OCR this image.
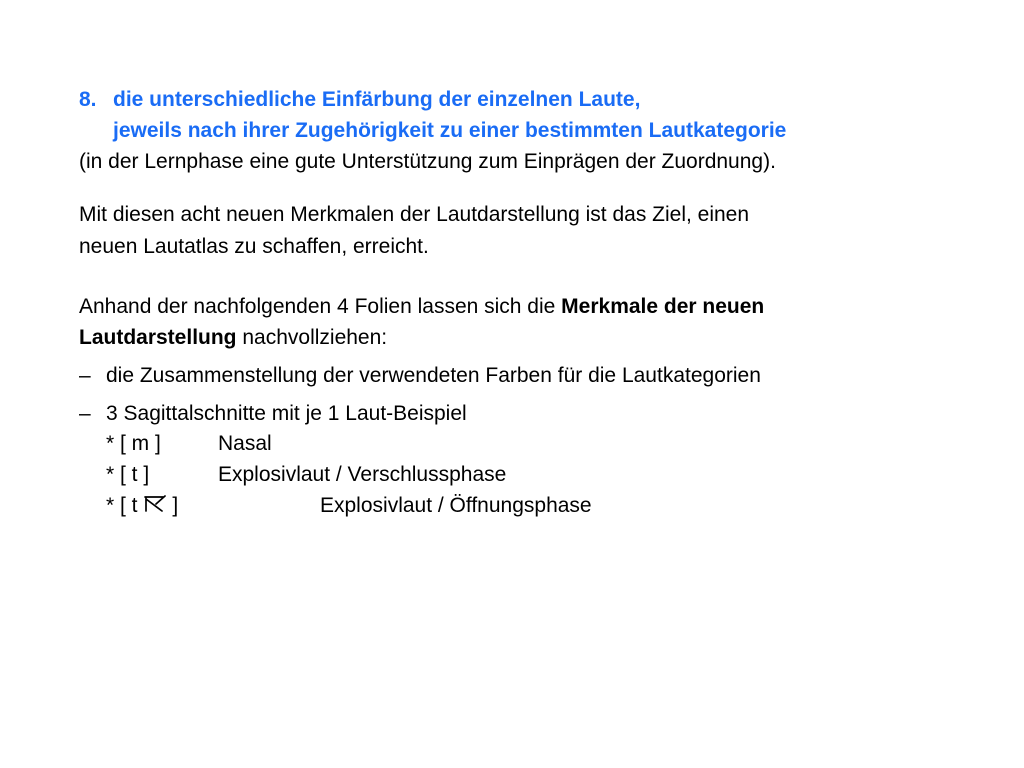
8. die unterschiedliche Einfärbung der einzelnen Laute,
jeweils nach ihrer Zugehörigkeit zu einer bestimmten Lautkategorie
(in der Lernphase eine gute Unterstützung zum Einprägen der Zuordnung).
Mit diesen acht neuen Merkmalen der Lautdarstellung ist das Ziel, einen
neuen Lautatlas zu schaffen, erreicht.
Anhand der nachfolgenden 4 Folien lassen sich die Merkmale der neuen
Lautdarstellung nachvollziehen:
– die Zusammenstellung der verwendeten Farben für die Lautkategorien
– 3 Sagittalschnitte mit je 1 Laut-Beispiel
* [ m ]	Nasal
* [ t ]	Explosivlaut / Verschlussphase
* [ t ]	Explosivlaut / Öffnungsphase
